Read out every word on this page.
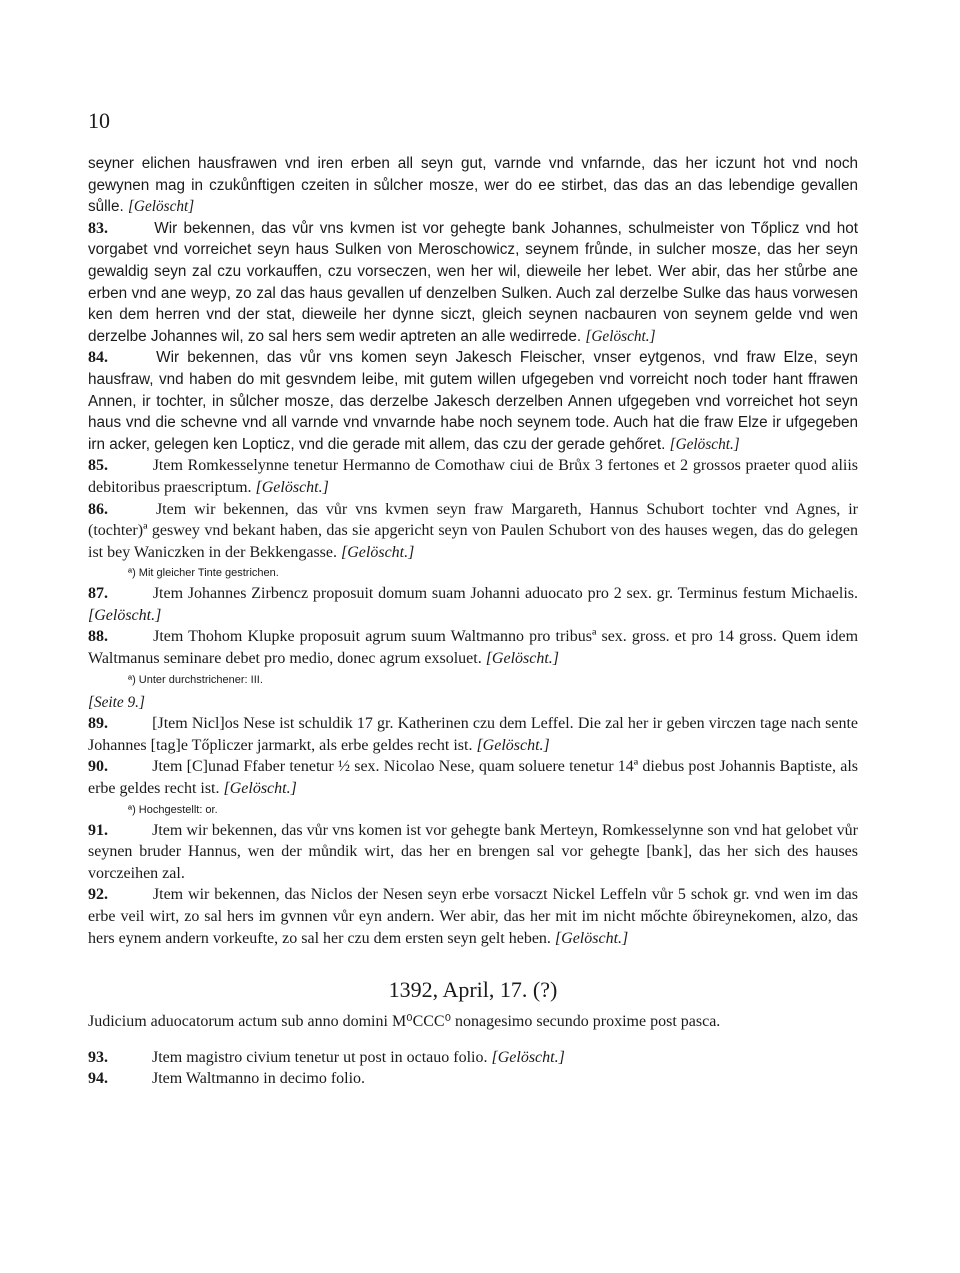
10

seyner elichen hausfrawen vnd iren erben all seyn gut, varnde vnd vnfarnde, das her iczunt hot vnd noch gewynen mag in czukůnftigen czeiten in sůlcher mosze, wer do ee stirbet, das das an das lebendige gevallen sůlle. [Gelöscht]

83.	Wir bekennen, das vůr vns kvmen ist vor gehegte bank Johannes, schulmeister von Tőplicz vnd hot vorgabet vnd vorreichet seyn haus Sulken von Meroschowicz, seynem frůnde, in sulcher mosze, das her seyn gewaldig seyn zal czu vorkauffen, czu vorseczen, wen her wil, dieweile her lebet. Wer abir, das her stůrbe ane erben vnd ane weyp, zo zal das haus gevallen uf denzelben Sulken. Auch zal derzelbe Sulke das haus vorwesen ken dem herren vnd der stat, dieweile her dynne siczt, gleich seynen nacbauren von seynem gelde vnd wen derzelbe Johannes wil, zo sal hers sem wedir aptreten an alle wedirrede. [Gelöscht.]

84.	Wir bekennen, das vůr vns komen seyn Jakesch Fleischer, vnser eytgenos, vnd fraw Elze, seyn hausfraw, vnd haben do mit gesvndem leibe, mit gutem willen ufgegeben vnd vorreicht noch toder hant ffrawen Annen, ir tochter, in sůlcher mosze, das derzelbe Jakesch derzelben Annen ufgegeben vnd vorreichet hot seyn haus vnd die schevne vnd all varnde vnd vnvarnde habe noch seynem tode. Auch hat die fraw Elze ir ufgegeben irn acker, gelegen ken Lopticz, vnd die gerade mit allem, das czu der gerade gehőret. [Gelöscht.]

85.	Jtem Romkesselynne tenetur Hermanno de Comothaw ciui de Brůx 3 fertones et 2 grossos praeter quod aliis debitoribus praescriptum. [Gelöscht.]

86.	Jtem wir bekennen, das vůr vns kvmen seyn fraw Margareth, Hannus Schubort tochter vnd Agnes, ir (tochter)ª geswey vnd bekant haben, das sie apgericht seyn von Paulen Schubort von des hauses wegen, das do gelegen ist bey Waniczken in der Bekkengasse. [Gelöscht.]

ª) Mit gleicher Tinte gestrichen.

87.	Jtem Johannes Zirbencz proposuit domum suam Johanni aduocato pro 2 sex. gr. Terminus festum Michaelis. [Gelöscht.]

88.	Jtem Thohom Klupke proposuit agrum suum Waltmanno pro tribusª sex. gross. et pro 14 gross. Quem idem Waltmanus seminare debet pro medio, donec agrum exsoluet. [Gelöscht.]

ª) Unter durchstrichener: III.

[Seite 9.]

89.	[Jtem Nicl]os Nese ist schuldik 17 gr. Katherinen czu dem Leffel. Die zal her ir geben virczen tage nach sente Johannes [tag]e Tőpliczer jarmarkt, als erbe geldes recht ist. [Gelöscht.]

90.	Jtem [C]unad Ffaber tenetur ½ sex. Nicolao Nese, quam soluere tenetur 14ª diebus post Johannis Baptiste, als erbe geldes recht ist. [Gelöscht.]

ª) Hochgestellt: or.

91.	Jtem wir bekennen, das vůr vns komen ist vor gehegte bank Merteyn, Romkesselynne son vnd hat gelobet vůr seynen bruder Hannus, wen der můndik wirt, das her en brengen sal vor gehegte [bank], das her sich des hauses vorczeihen zal.

92.	Jtem wir bekennen, das Niclos der Nesen seyn erbe vorsaczt Nickel Leffeln vůr 5 schok gr. vnd wen im das erbe veil wirt, zo sal hers im gvnnen vůr eyn andern. Wer abir, das her mit im nicht mőchte őbireynekomen, alzo, das hers eynem andern vorkeufte, zo sal her czu dem ersten seyn gelt heben. [Gelöscht.]

1392, April, 17. (?)

Judicium aduocatorum actum sub anno domini M⁰CCC⁰ nonagesimo secundo proxime post pasca.

93.	Jtem magistro civium tenetur ut post in octauo folio. [Gelöscht.]

94.	Jtem Waltmanno in decimo folio.
